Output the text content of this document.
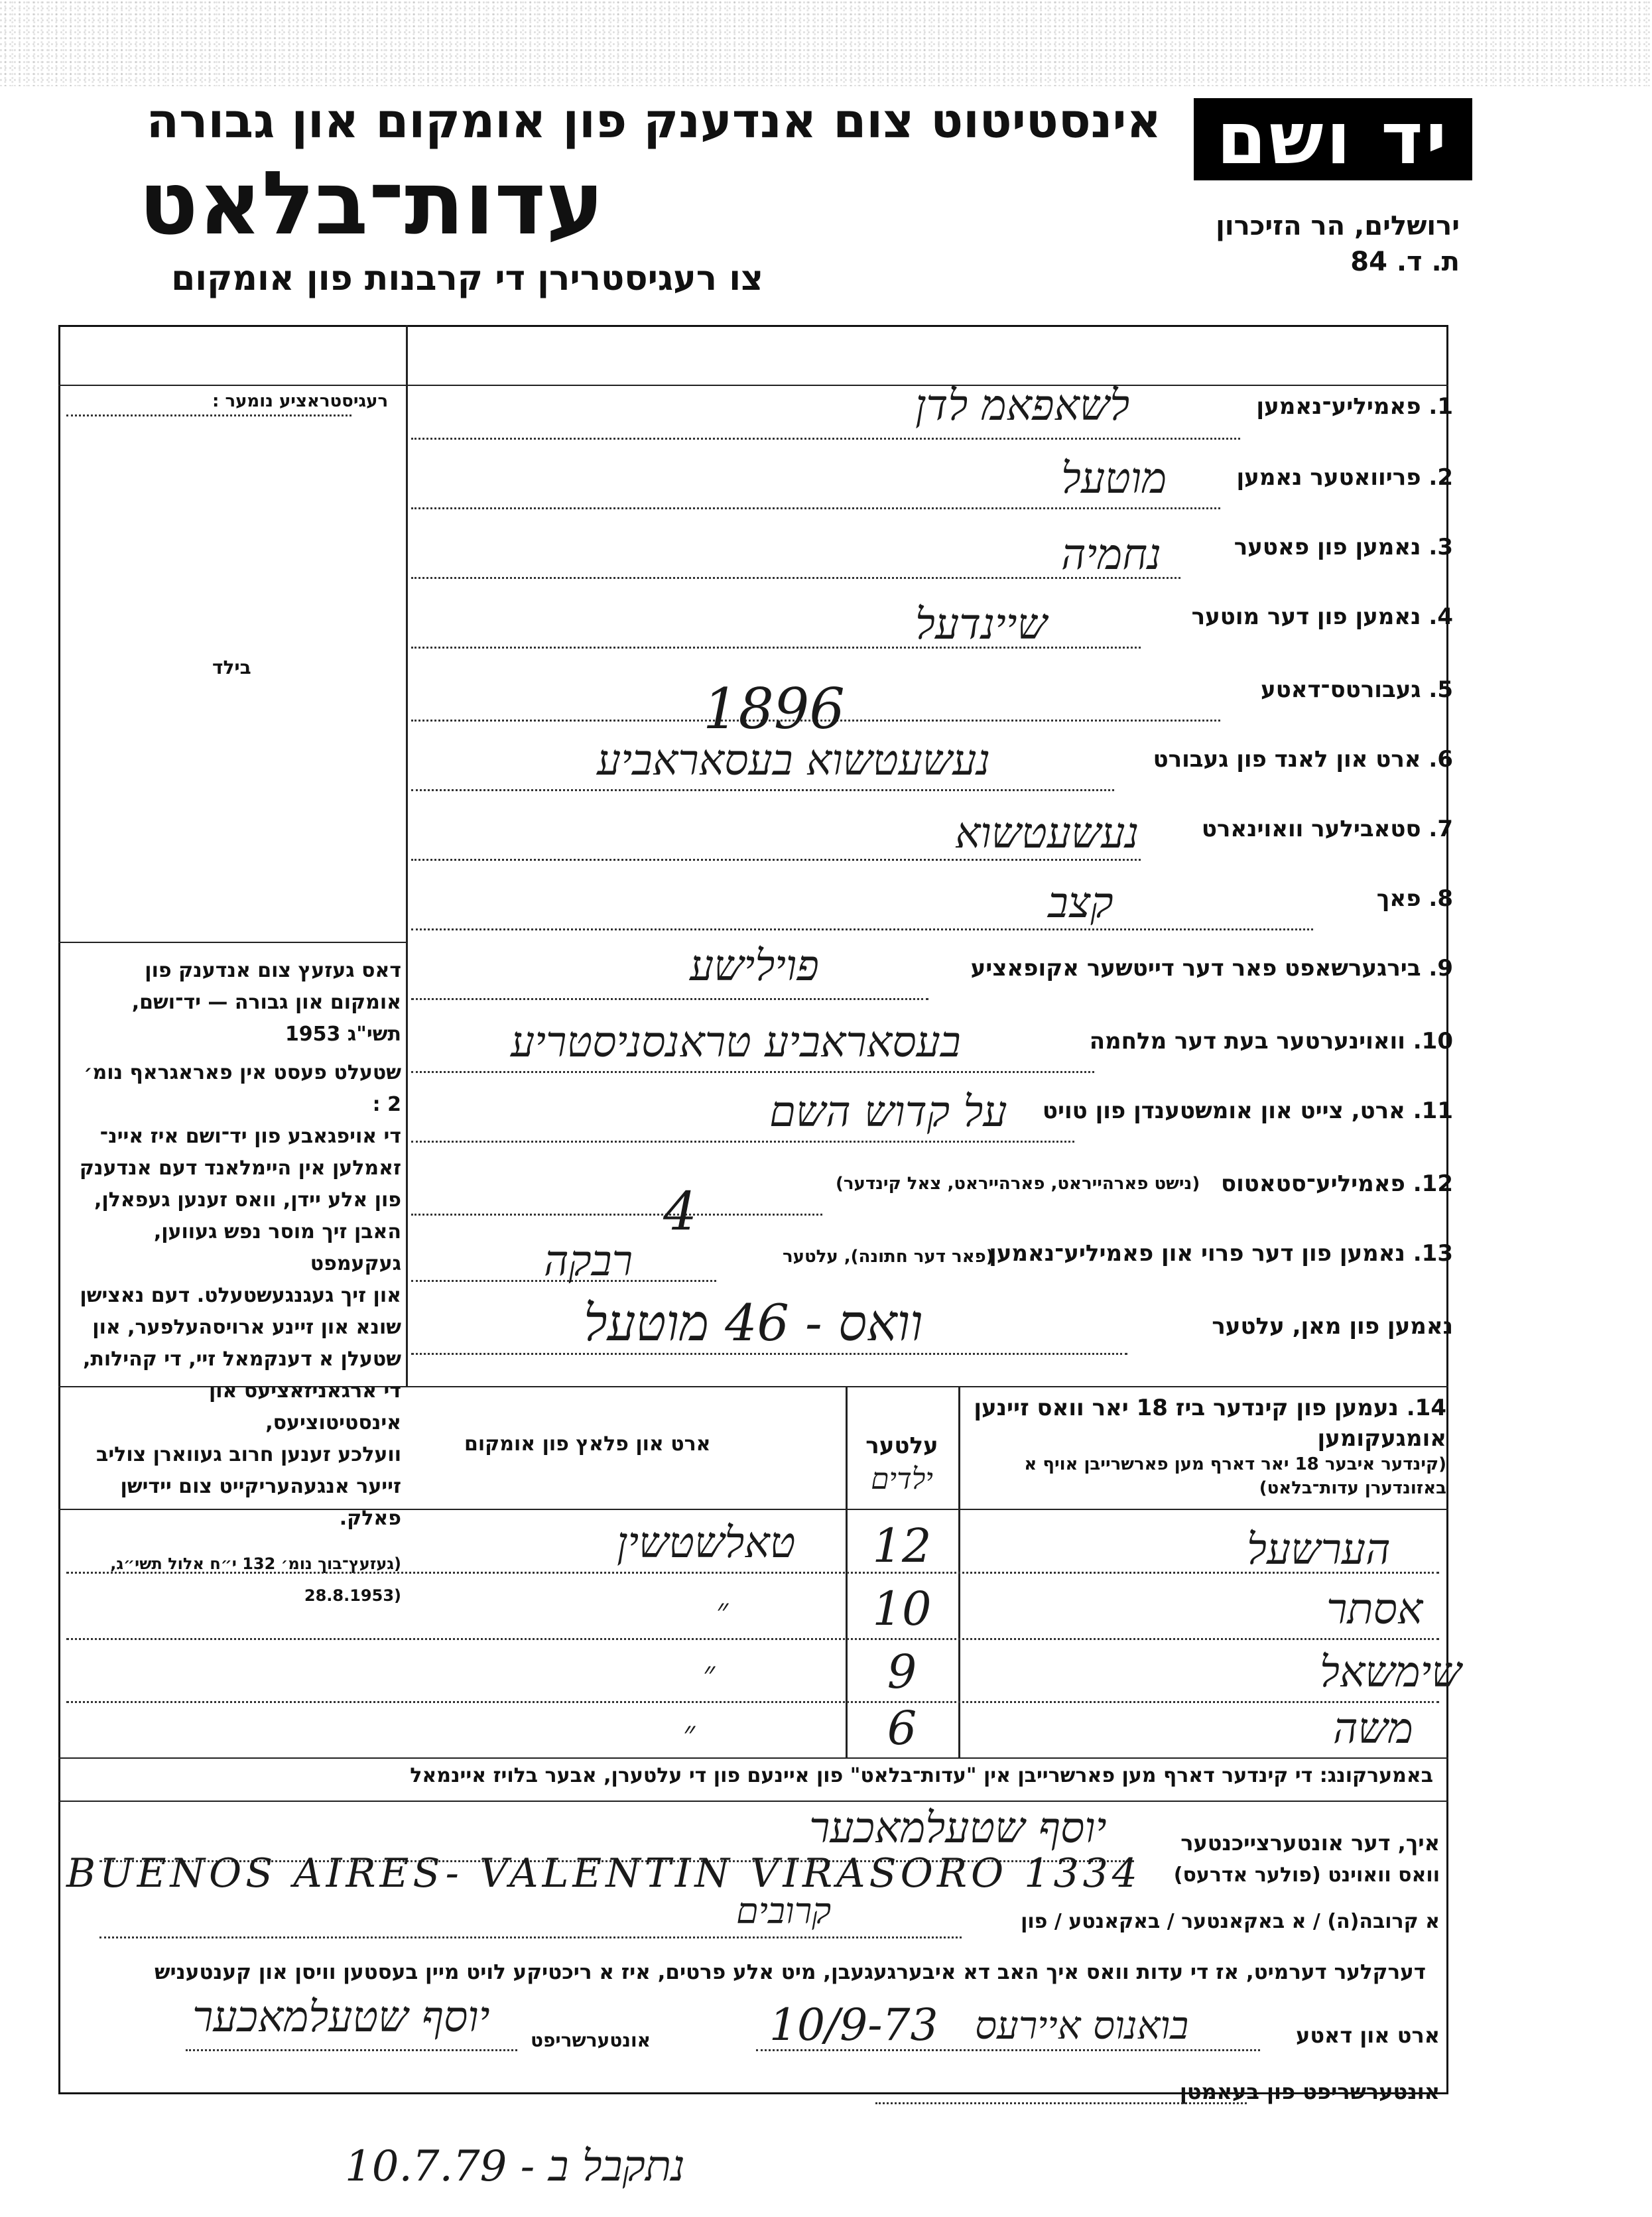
יד ושם
אינסטיטוט צום אנדענק פון אומקום און גבורה
עדות־בלאט
צו רעגיסטרירן די קרבנות פון אומקום
ירושלים, הר הזיכרון
ת. ד. 84
רעגיסטראציע נומער :
בילד
דאס געזעץ צום אנדענק פון
אומקום און גבורה — יד־ושם,
תשי"ג 1953
שטעלט פעסט אין פאראגראף נומ׳ 2 :
די אויפגאבע פון יד־ושם איז איינ־
זאמלען אין היימלאנד דעם אנדענק
פון אלע יידן, וואס זענען געפאלן,
האבן זיך מוסר נפש געווען, געקעמפט
און זיך געגנגעשטעלט. דעם נאצישן
שונא און זיינע ארויסהעלפער, און
שטעלן א דענקמאל זיי, די קהילות,
די ארגאניזאציעס און אינסטיטוציעס,
וועלכע זענען חרוב געווארן צוליב
זייער אנגעהעריקייט צום יידישן פאלק.
(געזעץ־בוך נומ׳ 132 י״ח אלול תשי״ג,
(28.8.1953
1. פאמיליע־נאמען
לשאפאמ לדן
2. פריוואטער נאמען
מוטעל
3. נאמען פון פאטער
נחמיה
4. נאמען פון דער מוטער
שיינדעל
5. געבורטס־דאטע
1896
6. ארט און לאנד פון געבורט
נעשעטשוא בעסאראביע
7. סטאבילער וואוינארט
נעשעטשוא
8. פאך
קצב
9. בירגערשאפט פאר דער דייטשער אקופאציע
פוילישע
10. וואוינערטער בעת דער מלחמה
בעסאראביע טראנסניסטריע
11. ארט, צייט און אומשטענדן פון טויט
על קדוש השם
12. פאמיליע־סטאטוס
(נישט פארהייראט, פארהייראט, צאל קינדער)
4
13. נאמען פון דער פרוי און פאמיליע־נאמען
(פאר דער חתונה), עלטער
רבקה
נאמען פון מאן, עלטער
וואס - 46 מוטעל
14. נעמען פון קינדער ביז 18 יאר וואס זיינען אומגעקומען
(קינדער איבער 18 יאר דארף מען פארשרייבן אויף א באזונדערן עדות־בלאט)
עלטער
ילדים
ארט און פלאץ פון אומקום
הערשעל
12
טאלשטשין
אסתר
10
״
שימשאל
9
״
משה
6
״
באמערקונג: די קינדער דארף מען פארשרייבן אין "עדות־בלאט" פון איינעם פון די עלטערן, אבער בלויז איינמאל
איך, דער אונטערצייכנטער
יוסף שטעלמאכער
וואס וואוינט (פולער אדרעס)
BUENOS AIRES- VALENTIN VIRASORO 1334
א קרובה(ה) / א באקאנטער / באקאנטע / פון
קרובים
דערקלער דערמיט, אז די עדות וואס איך האב דא איבערגעגעבן, מיט אלע פרטים, איז א ריכטיקע לויט מיין בעסטען וויסן און קענטעניש
ארט און דאטע
בואנוס איירעס
10/9-73
אונטערשריפט
יוסף שטעלמאכער
אונטערשריפט פון בעאמטן
נתקבל ב - 10.7.79
